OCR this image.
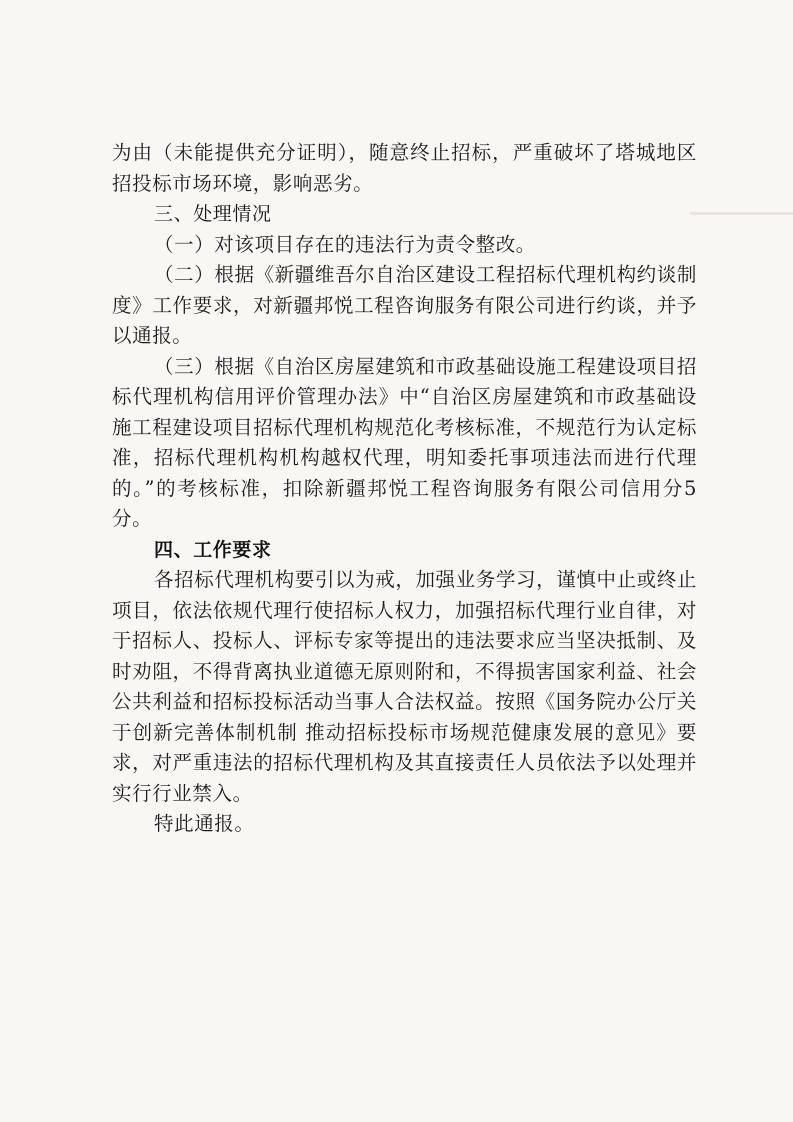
为由（未能提供充分证明），随意终止招标，严重破坏了塔城地区招投标市场环境，影响恶劣。

三、处理情况

（一）对该项目存在的违法行为责令整改。

（二）根据《新疆维吾尔自治区建设工程招标代理机构约谈制度》工作要求，对新疆邦悦工程咨询服务有限公司进行约谈，并予以通报。

（三）根据《自治区房屋建筑和市政基础设施工程建设项目招标代理机构信用评价管理办法》中“自治区房屋建筑和市政基础设施工程建设项目招标代理机构规范化考核标准，不规范行为认定标准，招标代理机构机构越权代理，明知委托事项违法而进行代理的。”的考核标准，扣除新疆邦悦工程咨询服务有限公司信用分5分。

四、工作要求

各招标代理机构要引以为戒，加强业务学习，谨慎中止或终止项目，依法依规代理行使招标人权力，加强招标代理行业自律，对于招标人、投标人、评标专家等提出的违法要求应当坚决抵制、及时劝阻，不得背离执业道德无原则附和，不得损害国家利益、社会公共利益和招标投标活动当事人合法权益。按照《国务院办公厅关于创新完善体制机制 推动招标投标市场规范健康发展的意见》要求，对严重违法的招标代理机构及其直接责任人员依法予以处理并实行行业禁入。

特此通报。
